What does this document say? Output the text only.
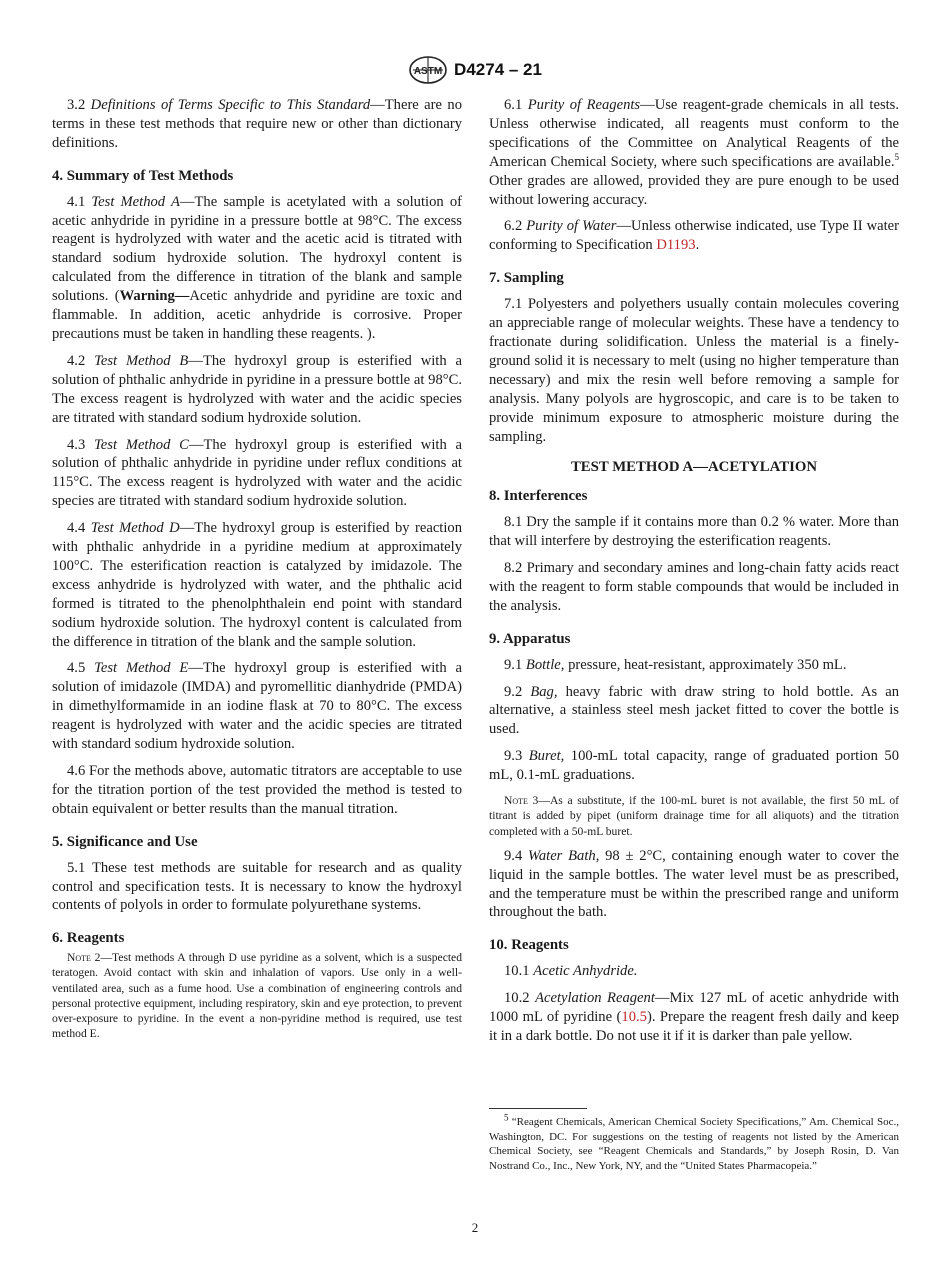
ASTM D4274 – 21

3.2 Definitions of Terms Specific to This Standard—There are no terms in these test methods that require new or other than dictionary definitions.

4. Summary of Test Methods

4.1 Test Method A—The sample is acetylated with a solution of acetic anhydride in pyridine in a pressure bottle at 98°C. The excess reagent is hydrolyzed with water and the acetic acid is titrated with standard sodium hydroxide solution. The hydroxyl content is calculated from the difference in titration of the blank and sample solutions. (Warning—Acetic anhydride and pyridine are toxic and flammable. In addition, acetic anhydride is corrosive. Proper precautions must be taken in handling these reagents. ).

4.2 Test Method B—The hydroxyl group is esterified with a solution of phthalic anhydride in pyridine in a pressure bottle at 98°C. The excess reagent is hydrolyzed with water and the acidic species are titrated with standard sodium hydroxide solution.

4.3 Test Method C—The hydroxyl group is esterified with a solution of phthalic anhydride in pyridine under reflux conditions at 115°C. The excess reagent is hydrolyzed with water and the acidic species are titrated with standard sodium hydroxide solution.

4.4 Test Method D—The hydroxyl group is esterified by reaction with phthalic anhydride in a pyridine medium at approximately 100°C. The esterification reaction is catalyzed by imidazole. The excess anhydride is hydrolyzed with water, and the phthalic acid formed is titrated to the phenolphthalein end point with standard sodium hydroxide solution. The hydroxyl content is calculated from the difference in titration of the blank and the sample solution.

4.5 Test Method E—The hydroxyl group is esterified with a solution of imidazole (IMDA) and pyromellitic dianhydride (PMDA) in dimethylformamide in an iodine flask at 70 to 80°C. The excess reagent is hydrolyzed with water and the acidic species are titrated with standard sodium hydroxide solution.

4.6 For the methods above, automatic titrators are acceptable to use for the titration portion of the test provided the method is tested to obtain equivalent or better results than the manual titration.

5. Significance and Use

5.1 These test methods are suitable for research and as quality control and specification tests. It is necessary to know the hydroxyl contents of polyols in order to formulate polyurethane systems.

6. Reagents
Note 2—Test methods A through D use pyridine as a solvent, which is a suspected teratogen. Avoid contact with skin and inhalation of vapors. Use only in a well-ventilated area, such as a fume hood. Use a combination of engineering controls and personal protective equipment, including respiratory, skin and eye protection, to prevent over-exposure to pyridine. In the event a non-pyridine method is required, use test method E.

6.1 Purity of Reagents—Use reagent-grade chemicals in all tests. Unless otherwise indicated, all reagents must conform to the specifications of the Committee on Analytical Reagents of the American Chemical Society, where such specifications are available.$^5$ Other grades are allowed, provided they are pure enough to be used without lowering accuracy.

6.2 Purity of Water—Unless otherwise indicated, use Type II water conforming to Specification D1193.

7. Sampling

7.1 Polyesters and polyethers usually contain molecules covering an appreciable range of molecular weights. These have a tendency to fractionate during solidification. Unless the material is a finely-ground solid it is necessary to melt (using no higher temperature than necessary) and mix the resin well before removing a sample for analysis. Many polyols are hygroscopic, and care is to be taken to provide minimum exposure to atmospheric moisture during the sampling.

TEST METHOD A—ACETYLATION
8. Interferences

8.1 Dry the sample if it contains more than 0.2 % water. More than that will interfere by destroying the esterification reagents.

8.2 Primary and secondary amines and long-chain fatty acids react with the reagent to form stable compounds that would be included in the analysis.

9. Apparatus

9.1 Bottle, pressure, heat-resistant, approximately 350 mL.

9.2 Bag, heavy fabric with draw string to hold bottle. As an alternative, a stainless steel mesh jacket fitted to cover the bottle is used.

9.3 Buret, 100-mL total capacity, range of graduated portion 50 mL, 0.1-mL graduations.

Note 3—As a substitute, if the 100-mL buret is not available, the first 50 mL of titrant is added by pipet (uniform drainage time for all aliquots) and the titration completed with a 50-mL buret.

9.4 Water Bath, 98 ± 2°C, containing enough water to cover the liquid in the sample bottles. The water level must be as prescribed, and the temperature must be within the prescribed range and uniform throughout the bath.

10. Reagents

10.1 Acetic Anhydride.

10.2 Acetylation Reagent—Mix 127 mL of acetic anhydride with 1000 mL of pyridine (10.5). Prepare the reagent fresh daily and keep it in a dark bottle. Do not use it if it is darker than pale yellow.

$^5$ “Reagent Chemicals, American Chemical Society Specifications,” Am. Chemical Soc., Washington, DC. For suggestions on the testing of reagents not listed by the American Chemical Society, see “Reagent Chemicals and Standards,” by Joseph Rosin, D. Van Nostrand Co., Inc., New York, NY, and the “United States Pharmacopeia.”

2
